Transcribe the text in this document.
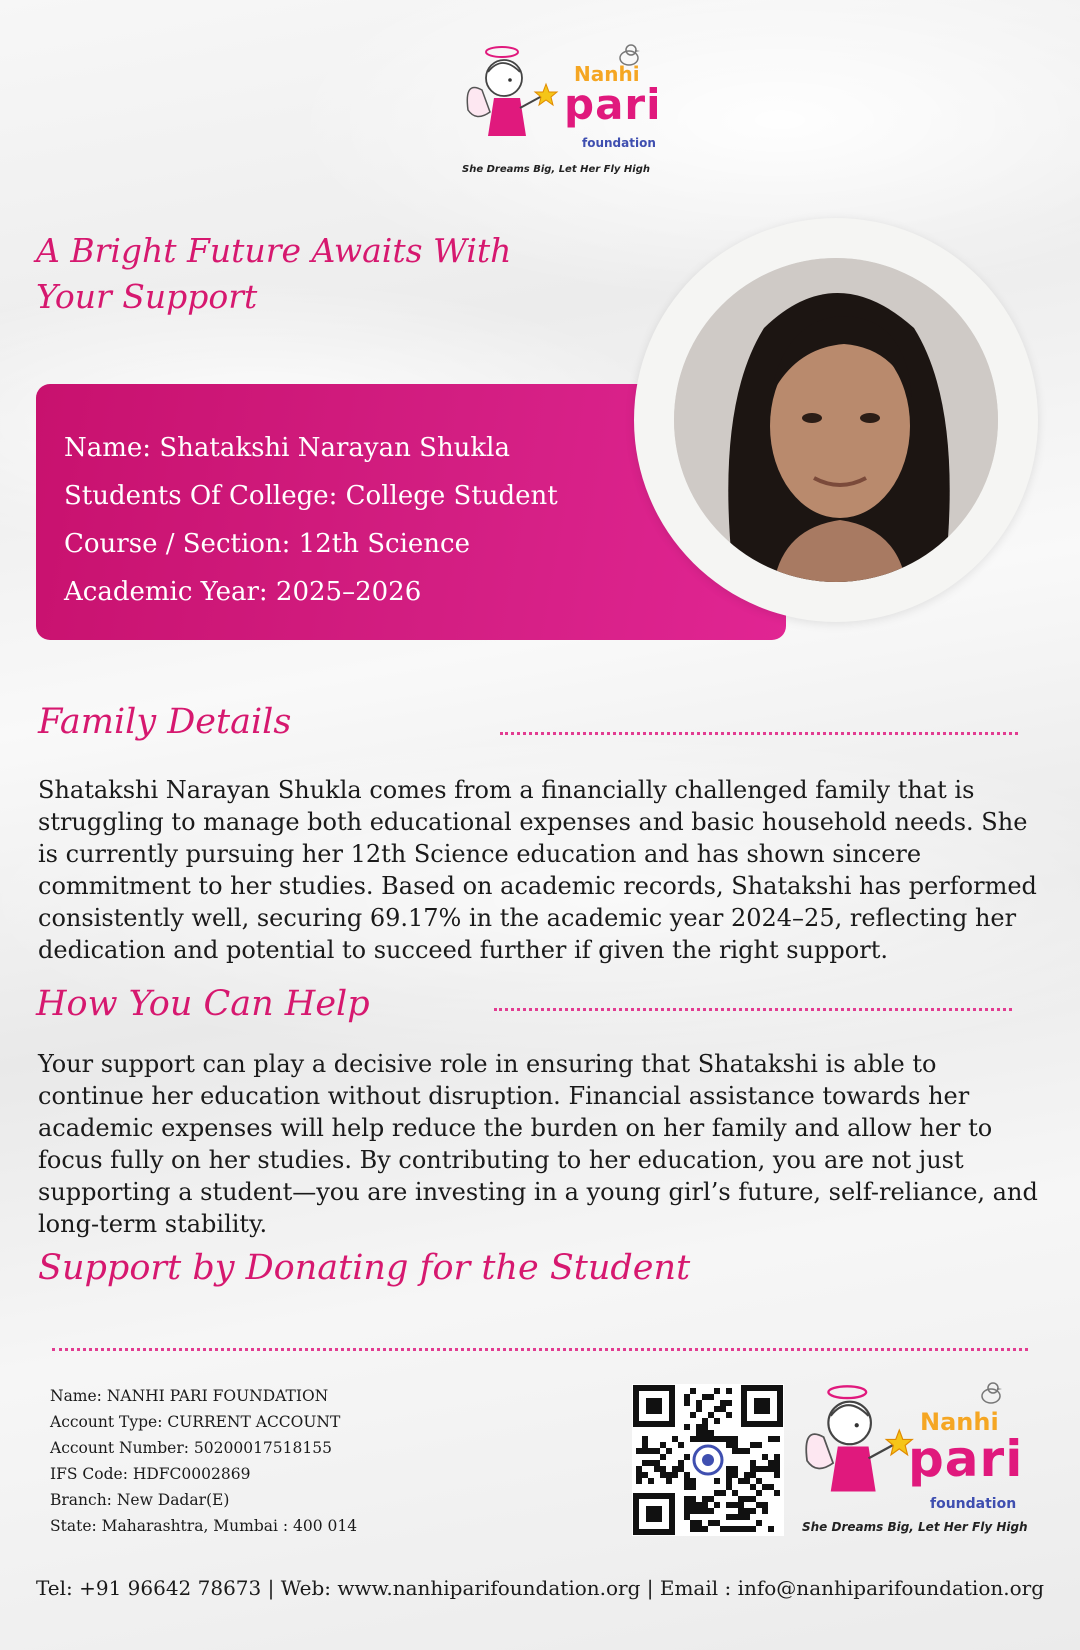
Nanhi
pari
foundation
She Dreams Big, Let Her Fly High
A Bright Future Awaits With Your Support
Name: Shatakshi Narayan Shukla
Students Of College: College Student
Course / Section: 12th Science
Academic Year: 2025–2026
Family Details

Shatakshi Narayan Shukla comes from a financially challenged family that is struggling to manage both educational expenses and basic household needs. She is currently pursuing her 12th Science education and has shown sincere commitment to her studies. Based on academic records, Shatakshi has performed consistently well, securing 69.17% in the academic year 2024–25, reflecting her dedication and potential to succeed further if given the right support.

How You Can Help

Your support can play a decisive role in ensuring that Shatakshi is able to continue her education without disruption. Financial assistance towards her academic expenses will help reduce the burden on her family and allow her to focus fully on her studies. By contributing to her education, you are not just supporting a student—you are investing in a young girl’s future, self-reliance, and long-term stability.

Support by Donating for the Student
Name: NANHI PARI FOUNDATION
Account Type: CURRENT ACCOUNT
Account Number: 50200017518155
IFS Code: HDFC0002869
Branch: New Dadar(E)
State: Maharashtra, Mumbai : 400 014
Nanhi
pari
foundation
She Dreams Big, Let Her Fly High
Tel: +91 96642 78673 | Web: www.nanhiparifoundation.org | Email : info@nanhiparifoundation.org
